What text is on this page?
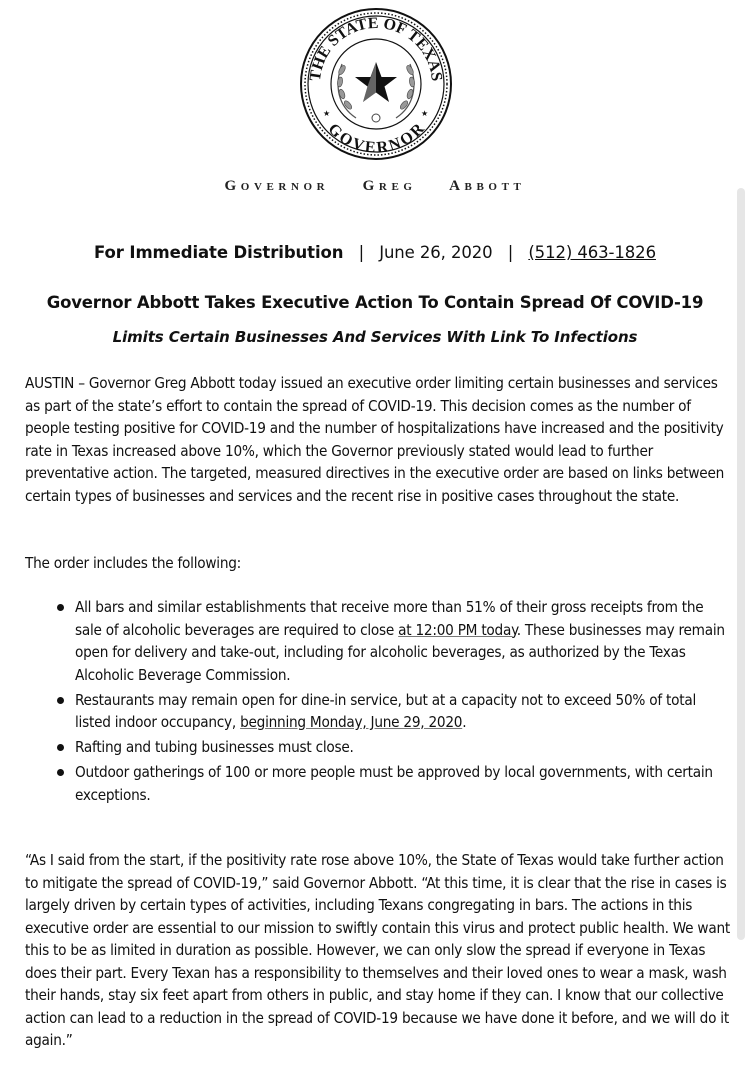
THE STATE OF TEXAS
GOVERNOR
★	★
Governor Greg Abbott
For Immediate Distribution | June 26, 2020 | (512) 463-1826
Governor Abbott Takes Executive Action To Contain Spread Of COVID-19
Limits Certain Businesses And Services With Link To Infections
AUSTIN – Governor Greg Abbott today issued an executive order limiting certain businesses and services as part of the state’s effort to contain the spread of COVID-19. This decision comes as the number of people testing positive for COVID-19 and the number of hospitalizations have increased and the positivity rate in Texas increased above 10%, which the Governor previously stated would lead to further preventative action. The targeted, measured directives in the executive order are based on links between certain types of businesses and services and the recent rise in positive cases throughout the state.
The order includes the following:
All bars and similar establishments that receive more than 51% of their gross receipts from the sale of alcoholic beverages are required to close at 12:00 PM today. These businesses may remain open for delivery and take-out, including for alcoholic beverages, as authorized by the Texas Alcoholic Beverage Commission.
Restaurants may remain open for dine-in service, but at a capacity not to exceed 50% of total listed indoor occupancy, beginning Monday, June 29, 2020.
Rafting and tubing businesses must close.
Outdoor gatherings of 100 or more people must be approved by local governments, with certain exceptions.
“As I said from the start, if the positivity rate rose above 10%, the State of Texas would take further action to mitigate the spread of COVID-19,” said Governor Abbott. “At this time, it is clear that the rise in cases is largely driven by certain types of activities, including Texans congregating in bars. The actions in this executive order are essential to our mission to swiftly contain this virus and protect public health. We want this to be as limited in duration as possible. However, we can only slow the spread if everyone in Texas does their part. Every Texan has a responsibility to themselves and their loved ones to wear a mask, wash their hands, stay six feet apart from others in public, and stay home if they can. I know that our collective action can lead to a reduction in the spread of COVID-19 because we have done it before, and we will do it again.”
